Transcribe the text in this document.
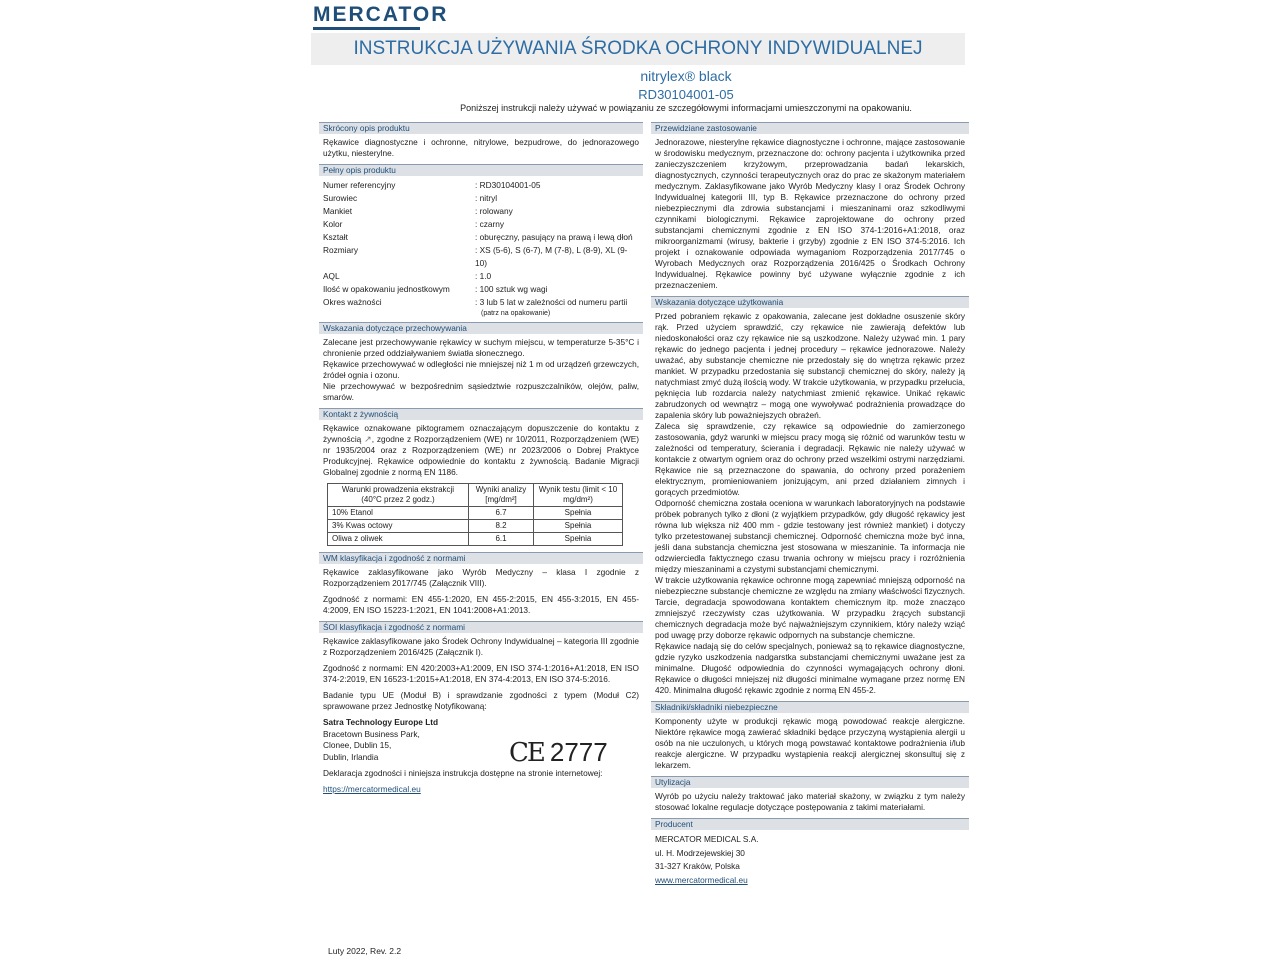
MERCATOR
INSTRUKCJA UŻYWANIA ŚRODKA OCHRONY INDYWIDUALNEJ
nitrylex® black
RD30104001-05
Poniższej instrukcji należy używać w powiązaniu ze szczegółowymi informacjami umieszczonymi na opakowaniu.
Skrócony opis produktu

Rękawice diagnostyczne i ochronne, nitrylowe, bezpudrowe, do jednorazowego użytku, niesterylne.

Pełny opis produktu
Numer referencyjny	: RD30104001-05
Surowiec	: nitryl
Mankiet	: rolowany
Kolor	: czarny
Kształt	: oburęczny, pasujący na prawą i lewą dłoń
Rozmiary	: XS (5-6), S (6-7), M (7-8), L (8-9), XL (9-10)
AQL	: 1.0
Ilość w opakowaniu jednostkowym	: 100 sztuk wg wagi
Okres ważności	: 3 lub 5 lat w zależności od numeru partii
(patrz na opakowanie)
Wskazania dotyczące przechowywania

Zalecane jest przechowywanie rękawicy w suchym miejscu, w temperaturze 5-35°C i chronienie przed oddziaływaniem światła słonecznego.

Rękawice przechowywać w odległości nie mniejszej niż 1 m od urządzeń grzewczych, źródeł ognia i ozonu.

Nie przechowywać w bezpośrednim sąsiedztwie rozpuszczalników, olejów, paliw, smarów.

Kontakt z żywnością

Rękawice oznakowane piktogramem oznaczającym dopuszczenie do kontaktu z żywnością ↗, zgodne z Rozporządzeniem (WE) nr 10/2011, Rozporządzeniem (WE) nr 1935/2004 oraz z Rozporządzeniem (WE) nr 2023/2006 o Dobrej Praktyce Produkcyjnej. Rękawice odpowiednie do kontaktu z żywnością. Badanie Migracji Globalnej zgodnie z normą EN 1186.

Warunki prowadzenia ekstrakcji (40°C przez 2 godz.)	Wyniki analizy [mg/dm²]	Wynik testu (limit < 10 mg/dm²)
10% Etanol	6.7	Spełnia
3% Kwas octowy	8.2	Spełnia
Oliwa z oliwek	6.1	Spełnia
WM klasyfikacja i zgodność z normami

Rękawice zaklasyfikowane jako Wyrób Medyczny – klasa I zgodnie z Rozporządzeniem 2017/745 (Załącznik VIII).

Zgodność z normami: EN 455-1:2020, EN 455-2:2015, EN 455-3:2015, EN 455-4:2009, EN ISO 15223-1:2021, EN 1041:2008+A1:2013.

ŚOI klasyfikacja i zgodność z normami

Rękawice zaklasyfikowane jako Środek Ochrony Indywidualnej – kategoria III zgodnie z Rozporządzeniem 2016/425 (Załącznik I).

Zgodność z normami: EN 420:2003+A1:2009, EN ISO 374-1:2016+A1:2018, EN ISO 374-2:2019, EN 16523-1:2015+A1:2018, EN 374-4:2013, EN ISO 374-5:2016.

Badanie typu UE (Moduł B) i sprawdzanie zgodności z typem (Moduł C2) sprawowane przez Jednostkę Notyfikowaną:

Satra Technology Europe Ltd
Bracetown Business Park,
Clonee, Dublin 15,
Dublin, Irlandia

Deklaracja zgodności i niniejsza instrukcja dostępne na stronie internetowej:

https://mercatormedical.eu
CE 2777
Przewidziane zastosowanie

Jednorazowe, niesterylne rękawice diagnostyczne i ochronne, mające zastosowanie w środowisku medycznym, przeznaczone do: ochrony pacjenta i użytkownika przed zanieczyszczeniem krzyżowym, przeprowadzania badań lekarskich, diagnostycznych, czynności terapeutycznych oraz do prac ze skażonym materiałem medycznym. Zaklasyfikowane jako Wyrób Medyczny klasy I oraz Środek Ochrony Indywidualnej kategorii III, typ B. Rękawice przeznaczone do ochrony przed niebezpiecznymi dla zdrowia substancjami i mieszaninami oraz szkodliwymi czynnikami biologicznymi. Rękawice zaprojektowane do ochrony przed substancjami chemicznymi zgodnie z EN ISO 374-1:2016+A1:2018, oraz mikroorganizmami (wirusy, bakterie i grzyby) zgodnie z EN ISO 374-5:2016. Ich projekt i oznakowanie odpowiada wymaganiom Rozporządzenia 2017/745 o Wyrobach Medycznych oraz Rozporządzenia 2016/425 o Środkach Ochrony Indywidualnej. Rękawice powinny być używane wyłącznie zgodnie z ich przeznaczeniem.

Wskazania dotyczące użytkowania

Przed pobraniem rękawic z opakowania, zalecane jest dokładne osuszenie skóry rąk. Przed użyciem sprawdzić, czy rękawice nie zawierają defektów lub niedoskonałości oraz czy rękawice nie są uszkodzone. Należy używać min. 1 pary rękawic do jednego pacjenta i jednej procedury – rękawice jednorazowe. Należy uważać, aby substancje chemiczne nie przedostały się do wnętrza rękawic przez mankiet. W przypadku przedostania się substancji chemicznej do skóry, należy ją natychmiast zmyć dużą ilością wody. W trakcie użytkowania, w przypadku przełucia, pęknięcia lub rozdarcia należy natychmiast zmienić rękawice. Unikać rękawic zabrudzonych od wewnątrz – mogą one wywoływać podrażnienia prowadzące do zapalenia skóry lub poważniejszych obrażeń.

Zaleca się sprawdzenie, czy rękawice są odpowiednie do zamierzonego zastosowania, gdyż warunki w miejscu pracy mogą się różnić od warunków testu w zależności od temperatury, ścierania i degradacji. Rękawic nie należy używać w kontakcie z otwartym ogniem oraz do ochrony przed wszelkimi ostrymi narzędziami. Rękawice nie są przeznaczone do spawania, do ochrony przed porażeniem elektrycznym, promieniowaniem jonizującym, ani przed działaniem zimnych i gorących przedmiotów.

Odporność chemiczna została oceniona w warunkach laboratoryjnych na podstawie próbek pobranych tylko z dłoni (z wyjątkiem przypadków, gdy długość rękawicy jest równa lub większa niż 400 mm - gdzie testowany jest również mankiet) i dotyczy tylko przetestowanej substancji chemicznej. Odporność chemiczna może być inna, jeśli dana substancja chemiczna jest stosowana w mieszaninie. Ta informacja nie odzwierciedla faktycznego czasu trwania ochrony w miejscu pracy i rozróżnienia między mieszaninami a czystymi substancjami chemicznymi.

W trakcie użytkowania rękawice ochronne mogą zapewniać mniejszą odporność na niebezpieczne substancje chemiczne ze względu na zmiany właściwości fizycznych. Tarcie, degradacja spowodowana kontaktem chemicznym itp. może znacząco zmniejszyć rzeczywisty czas użytkowania. W przypadku żrących substancji chemicznych degradacja może być najważniejszym czynnikiem, który należy wziąć pod uwagę przy doborze rękawic odpornych na substancje chemiczne.

Rękawice nadają się do celów specjalnych, ponieważ są to rękawice diagnostyczne, gdzie ryzyko uszkodzenia nadgarstka substancjami chemicznymi uważane jest za minimalne. Długość odpowiednia do czynności wymagających ochrony dłoni. Rękawice o długości mniejszej niż długości minimalne wymagane przez normę EN 420. Minimalna długość rękawic zgodnie z normą EN 455-2.

Składniki/składniki niebezpieczne

Komponenty użyte w produkcji rękawic mogą powodować reakcje alergiczne. Niektóre rękawice mogą zawierać składniki będące przyczyną wystąpienia alergii u osób na nie uczulonych, u których mogą powstawać kontaktowe podrażnienia i/lub reakcje alergiczne. W przypadku wystąpienia reakcji alergicznej skonsultuj się z lekarzem.

Utylizacja

Wyrób po użyciu należy traktować jako materiał skażony, w związku z tym należy stosować lokalne regulacje dotyczące postępowania z takimi materiałami.

Producent
MERCATOR MEDICAL S.A.
ul. H. Modrzejewskiej 30
31-327 Kraków, Polska
www.mercatormedical.eu
Luty 2022, Rev. 2.2
